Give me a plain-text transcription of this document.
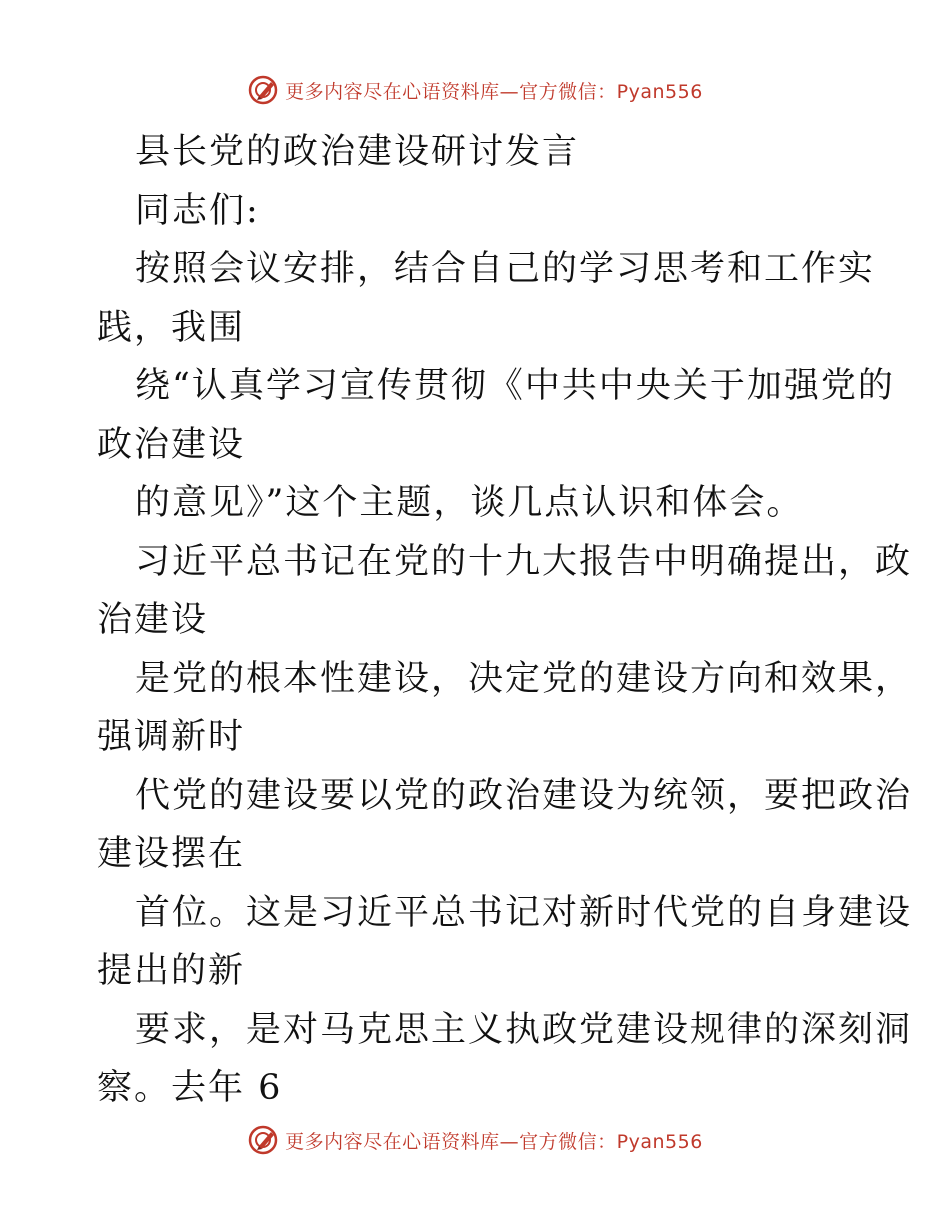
更多内容尽在心语资料库—官方微信：Pyan556
县长党的政治建设研讨发言
同志们:
按照会议安排，结合自己的学习思考和工作实
践，我围
绕“认真学习宣传贯彻《中共中央关于加强党的
政治建设
的意见》”这个主题，谈几点认识和体会。
习近平总书记在党的十九大报告中明确提出，政
治建设
是党的根本性建设，决定党的建设方向和效果，
强调新时
代党的建设要以党的政治建设为统领，要把政治
建设摆在
首位。这是习近平总书记对新时代党的自身建设
提出的新
要求，是对马克思主义执政党建设规律的深刻洞
察。去年 6
更多内容尽在心语资料库—官方微信：Pyan556
